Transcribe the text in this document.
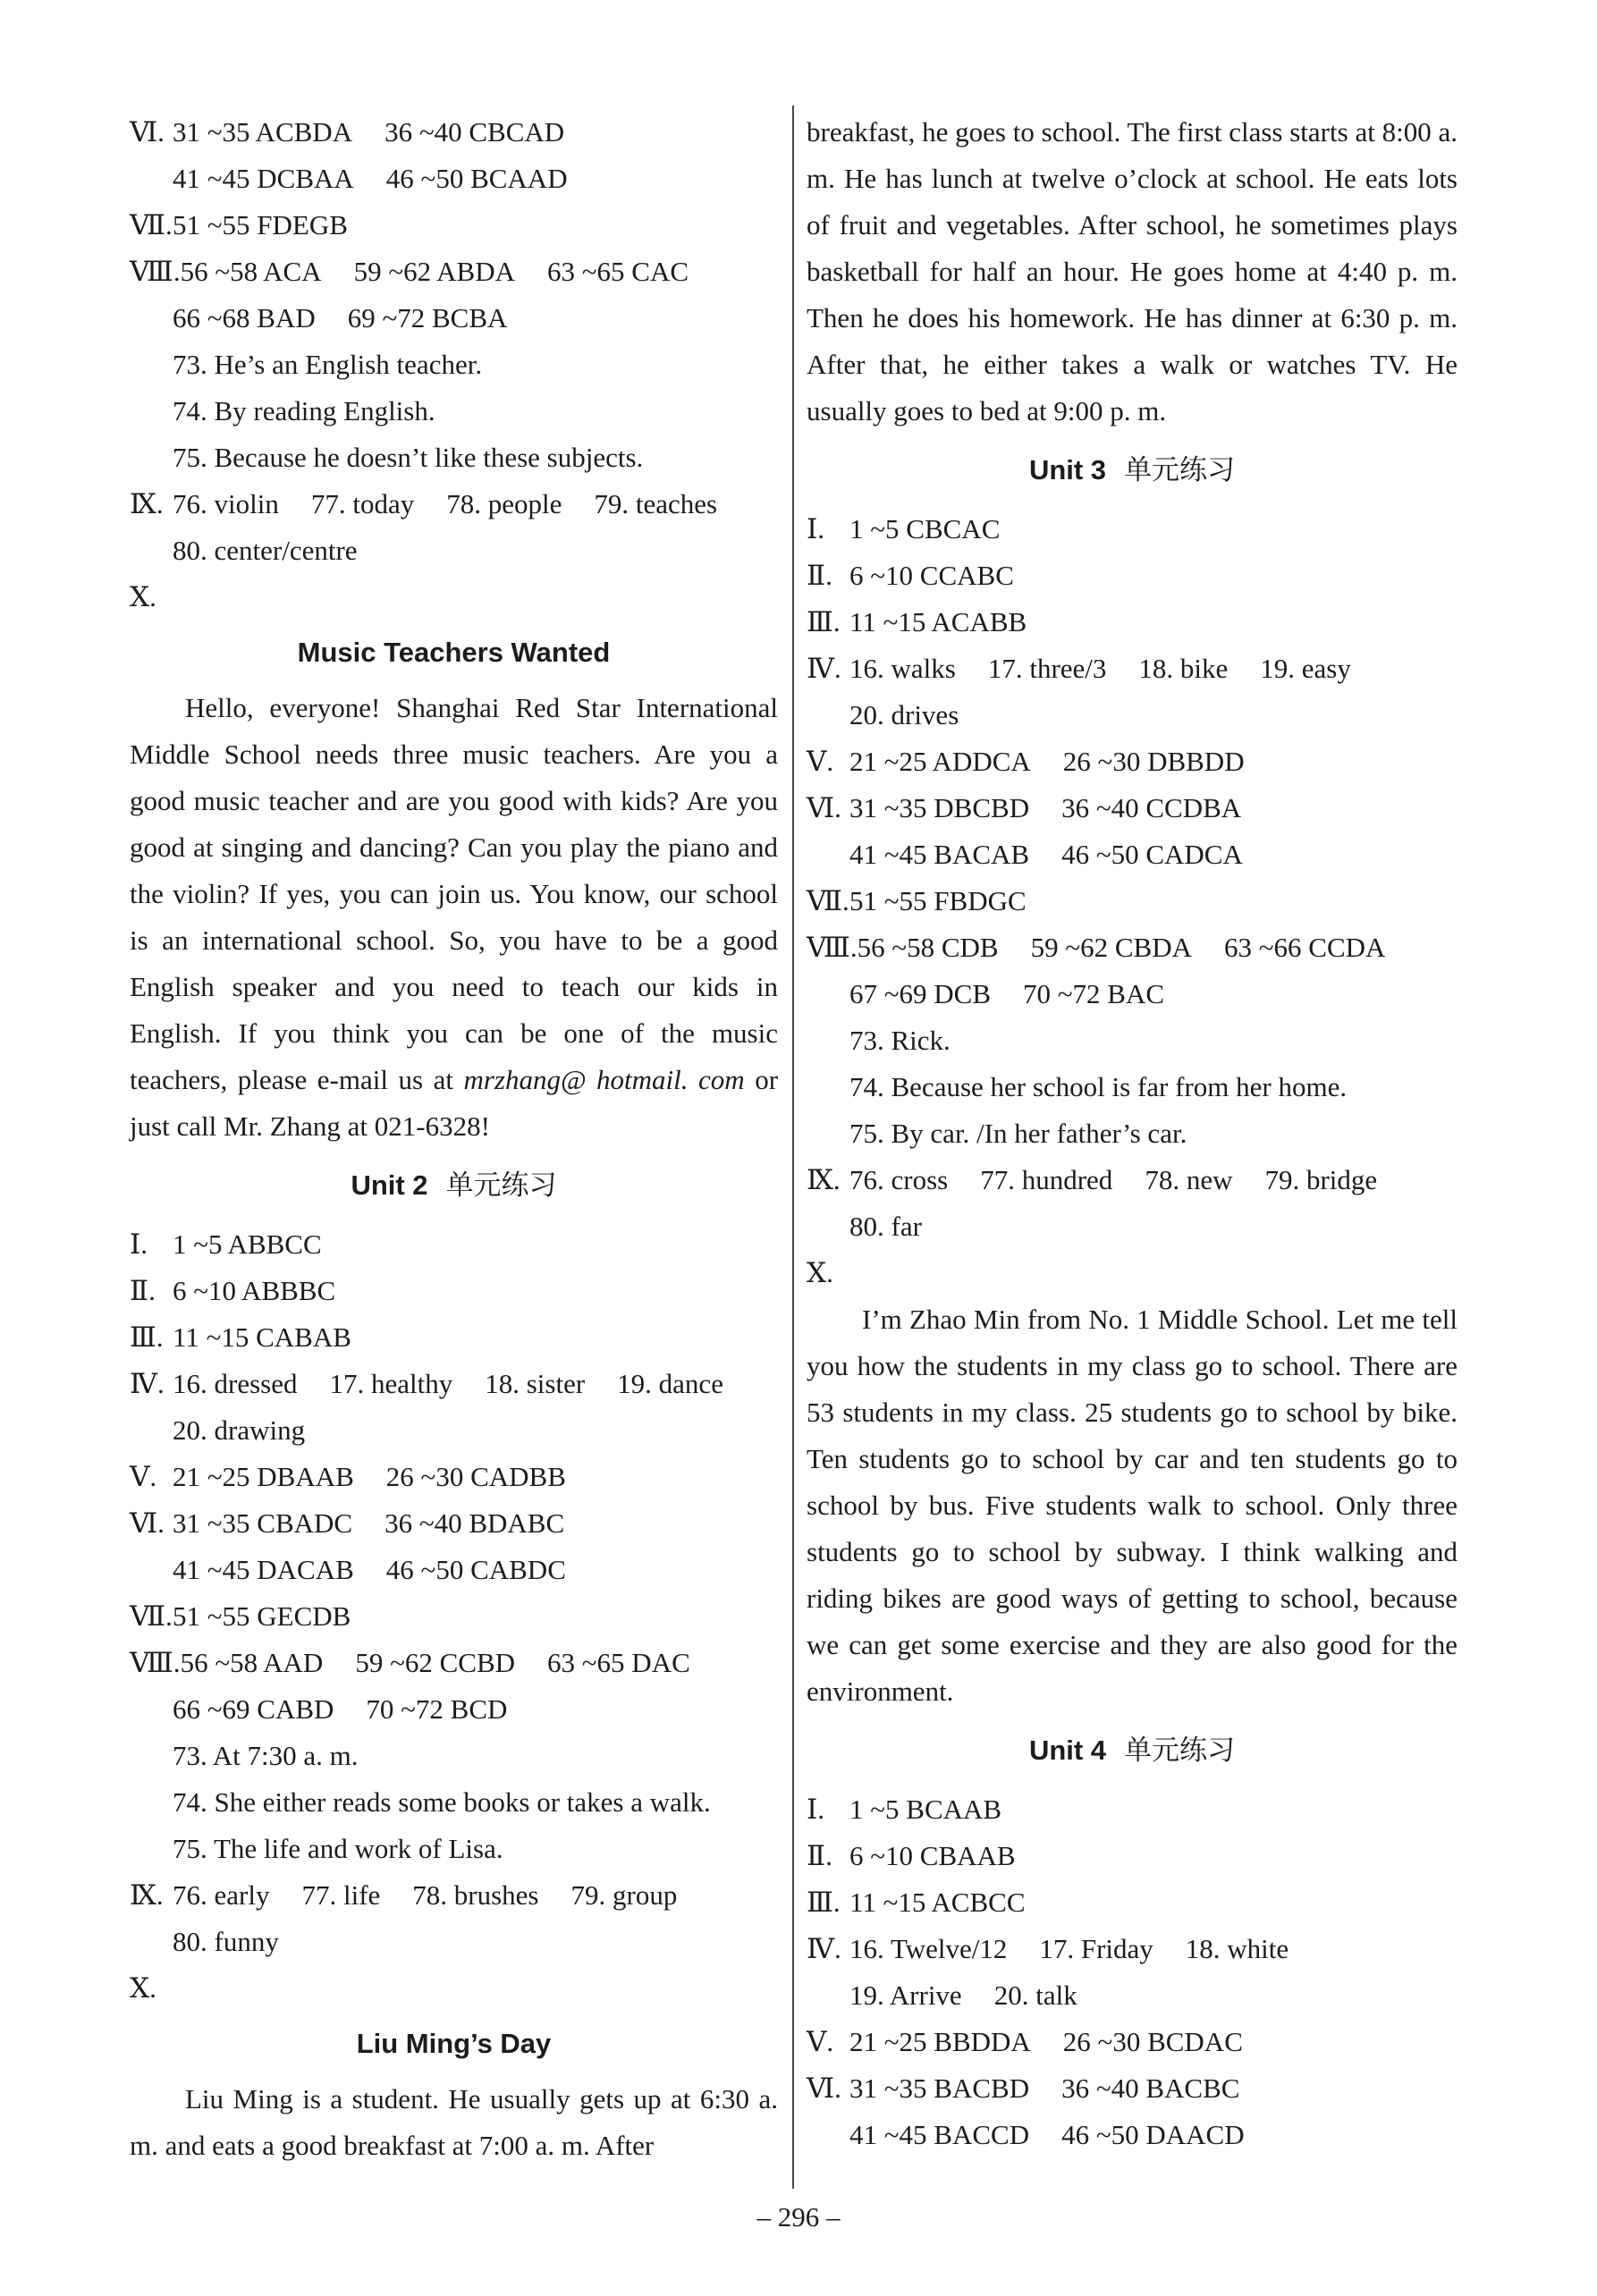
Ⅵ. 31 ~35 ACBDA 36 ~40 CBCAD
41 ~45 DCBAA 46 ~50 BCAAD
Ⅶ.51 ~55 FDEGB
Ⅷ.56 ~58 ACA 59 ~62 ABDA 63 ~65 CAC
66 ~68 BAD 69 ~72 BCBA
73. He’s an English teacher.
74. By reading English.
75. Because he doesn’t like these subjects.
Ⅸ. 76. violin 77. today 78. people 79. teaches
80. center/centre
Ⅹ.
Music Teachers Wanted
Hello, everyone! Shanghai Red Star International Middle School needs three music teachers. Are you a good music teacher and are you good with kids? Are you good at singing and dancing? Can you play the piano and the violin? If yes, you can join us. You know, our school is an international school. So, you have to be a good English speaker and you need to teach our kids in English. If you think you can be one of the music teachers, please e-mail us at mrzhang@ hotmail. com or just call Mr. Zhang at 021-6328!
Unit 2 单元练习
Ⅰ. 1 ~5 ABBCC
Ⅱ. 6 ~10 ABBBC
Ⅲ. 11 ~15 CABAB
Ⅳ. 16. dressed 17. healthy 18. sister 19. dance
20. drawing
Ⅴ. 21 ~25 DBAAB 26 ~30 CADBB
Ⅵ. 31 ~35 CBADC 36 ~40 BDABC
41 ~45 DACAB 46 ~50 CABDC
Ⅶ.51 ~55 GECDB
Ⅷ.56 ~58 AAD 59 ~62 CCBD 63 ~65 DAC
66 ~69 CABD 70 ~72 BCD
73. At 7:30 a. m.
74. She either reads some books or takes a walk.
75. The life and work of Lisa.
Ⅸ. 76. early 77. life 78. brushes 79. group
80. funny
Ⅹ.
Liu Ming’s Day
Liu Ming is a student. He usually gets up at 6:30 a. m. and eats a good breakfast at 7:00 a. m. After
breakfast, he goes to school. The first class starts at 8:00 a. m. He has lunch at twelve o’clock at school. He eats lots of fruit and vegetables. After school, he sometimes plays basketball for half an hour. He goes home at 4:40 p. m. Then he does his homework. He has dinner at 6:30 p. m. After that, he either takes a walk or watches TV. He usually goes to bed at 9:00 p. m.
Unit 3 单元练习
Ⅰ. 1 ~5 CBCAC
Ⅱ. 6 ~10 CCABC
Ⅲ. 11 ~15 ACABB
Ⅳ. 16. walks 17. three/3 18. bike 19. easy
20. drives
Ⅴ. 21 ~25 ADDCA 26 ~30 DBBDD
Ⅵ. 31 ~35 DBCBD 36 ~40 CCDBA
41 ~45 BACAB 46 ~50 CADCA
Ⅶ.51 ~55 FBDGC
Ⅷ.56 ~58 CDB 59 ~62 CBDA 63 ~66 CCDA
67 ~69 DCB 70 ~72 BAC
73. Rick.
74. Because her school is far from her home.
75. By car. /In her father’s car.
Ⅸ. 76. cross 77. hundred 78. new 79. bridge
80. far
Ⅹ.
I’m Zhao Min from No. 1 Middle School. Let me tell you how the students in my class go to school. There are 53 students in my class. 25 students go to school by bike. Ten students go to school by car and ten students go to school by bus. Five students walk to school. Only three students go to school by subway. I think walking and riding bikes are good ways of getting to school, because we can get some exercise and they are also good for the environment.
Unit 4 单元练习
Ⅰ. 1 ~5 BCAAB
Ⅱ. 6 ~10 CBAAB
Ⅲ. 11 ~15 ACBCC
Ⅳ. 16. Twelve/12 17. Friday 18. white
19. Arrive 20. talk
Ⅴ. 21 ~25 BBDDA 26 ~30 BCDAC
Ⅵ. 31 ~35 BACBD 36 ~40 BACBC
41 ~45 BACCD 46 ~50 DAACD
– 296 –
